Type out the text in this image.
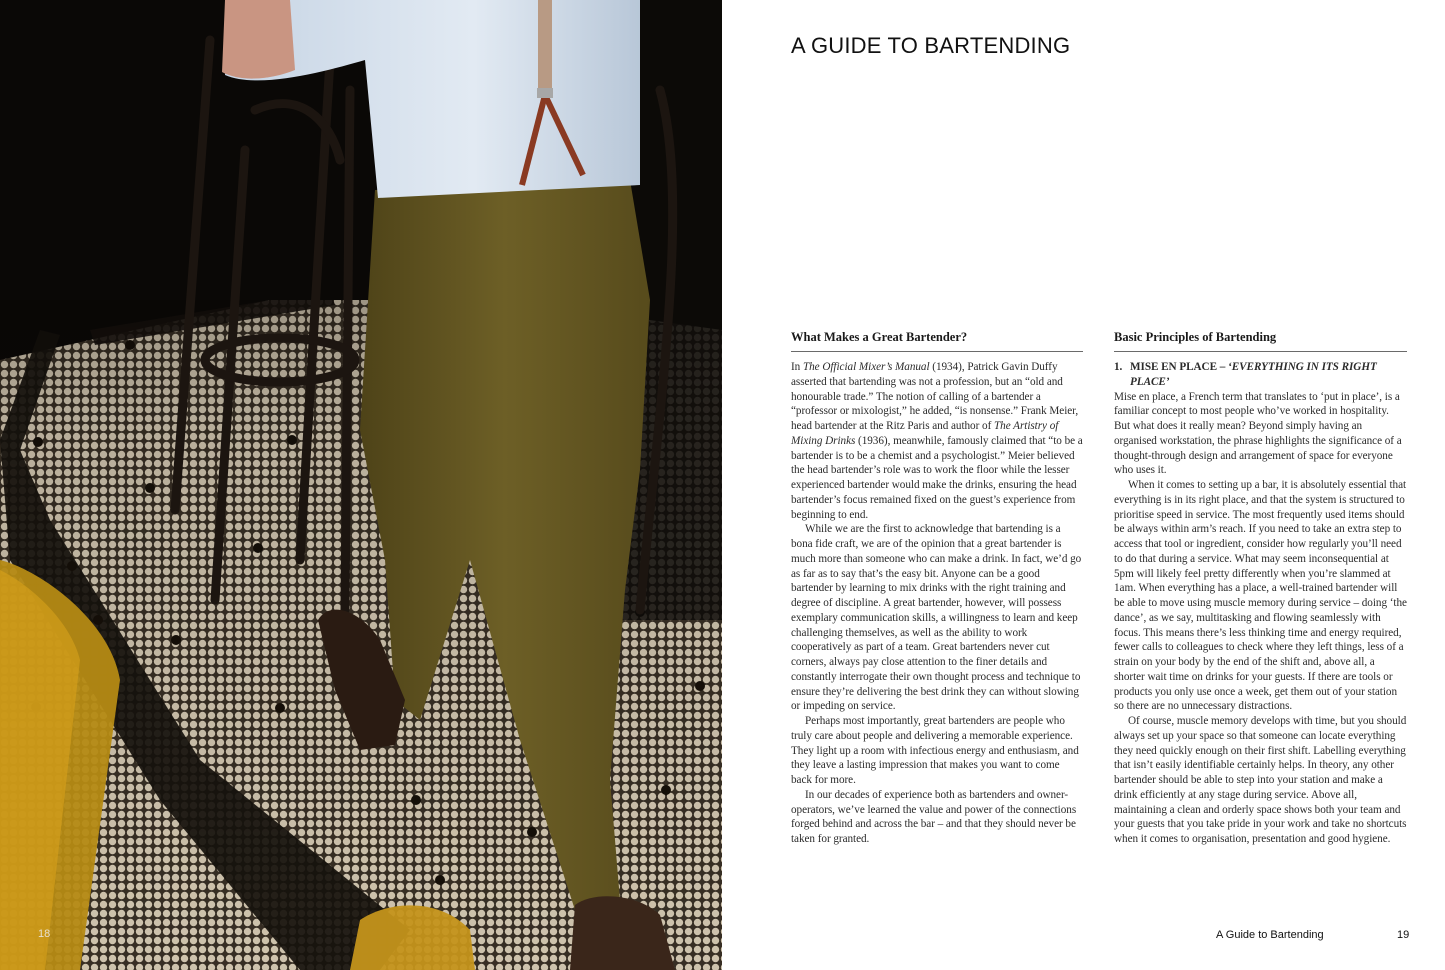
18
A GUIDE TO BARTENDING
What Makes a Great Bartender?

In The Official Mixer’s Manual (1934), Patrick Gavin Duffy asserted that bartending was not a profession, but an “old and honourable trade.” The notion of calling of a bartender a “professor or mixologist,” he added, “is nonsense.” Frank Meier, head bartender at the Ritz Paris and author of The Artistry of Mixing Drinks (1936), meanwhile, famously claimed that “to be a bartender is to be a chemist and a psychologist.” Meier believed the head bartender’s role was to work the floor while the lesser experienced bartender would make the drinks, ensuring the head bartender’s focus remained fixed on the guest’s experience from beginning to end.

While we are the first to acknowledge that bartending is a bona fide craft, we are of the opinion that a great bartender is much more than someone who can make a drink. In fact, we’d go as far as to say that’s the easy bit. Anyone can be a good bartender by learning to mix drinks with the right training and degree of discipline. A great bartender, however, will possess exemplary communication skills, a willingness to learn and keep challenging themselves, as well as the ability to work cooperatively as part of a team. Great bartenders never cut corners, always pay close attention to the finer details and constantly interrogate their own thought process and technique to ensure they’re delivering the best drink they can without slowing or impeding on service.

Perhaps most importantly, great bartenders are people who truly care about people and delivering a memorable experience. They light up a room with infectious energy and enthusiasm, and they leave a lasting impression that makes you want to come back for more.

In our decades of experience both as bartenders and owner-operators, we’ve learned the value and power of the connections forged behind and across the bar – and that they should never be taken for granted.

Basic Principles of Bartending

1. MISE EN PLACE – ‘EVERYTHING IN ITS RIGHT PLACE’

Mise en place, a French term that translates to ‘put in place’, is a familiar concept to most people who’ve worked in hospitality. But what does it really mean? Beyond simply having an organised workstation, the phrase highlights the significance of a thought-through design and arrangement of space for everyone who uses it.

When it comes to setting up a bar, it is absolutely essential that everything is in its right place, and that the system is structured to prioritise speed in service. The most frequently used items should be always within arm’s reach. If you need to take an extra step to access that tool or ingredient, consider how regularly you’ll need to do that during a service. What may seem inconsequential at 5pm will likely feel pretty differently when you’re slammed at 1am. When everything has a place, a well-trained bartender will be able to move using muscle memory during service – doing ‘the dance’, as we say, multitasking and flowing seamlessly with focus. This means there’s less thinking time and energy required, fewer calls to colleagues to check where they left things, less of a strain on your body by the end of the shift and, above all, a shorter wait time on drinks for your guests. If there are tools or products you only use once a week, get them out of your station so there are no unnecessary distractions.

Of course, muscle memory develops with time, but you should always set up your space so that someone can locate everything they need quickly enough on their first shift. Labelling everything that isn’t easily identifiable certainly helps. In theory, any other bartender should be able to step into your station and make a drink efficiently at any stage during service. Above all, maintaining a clean and orderly space shows both your team and your guests that you take pride in your work and take no shortcuts when it comes to organisation, presentation and good hygiene.

A Guide to Bartending	19
